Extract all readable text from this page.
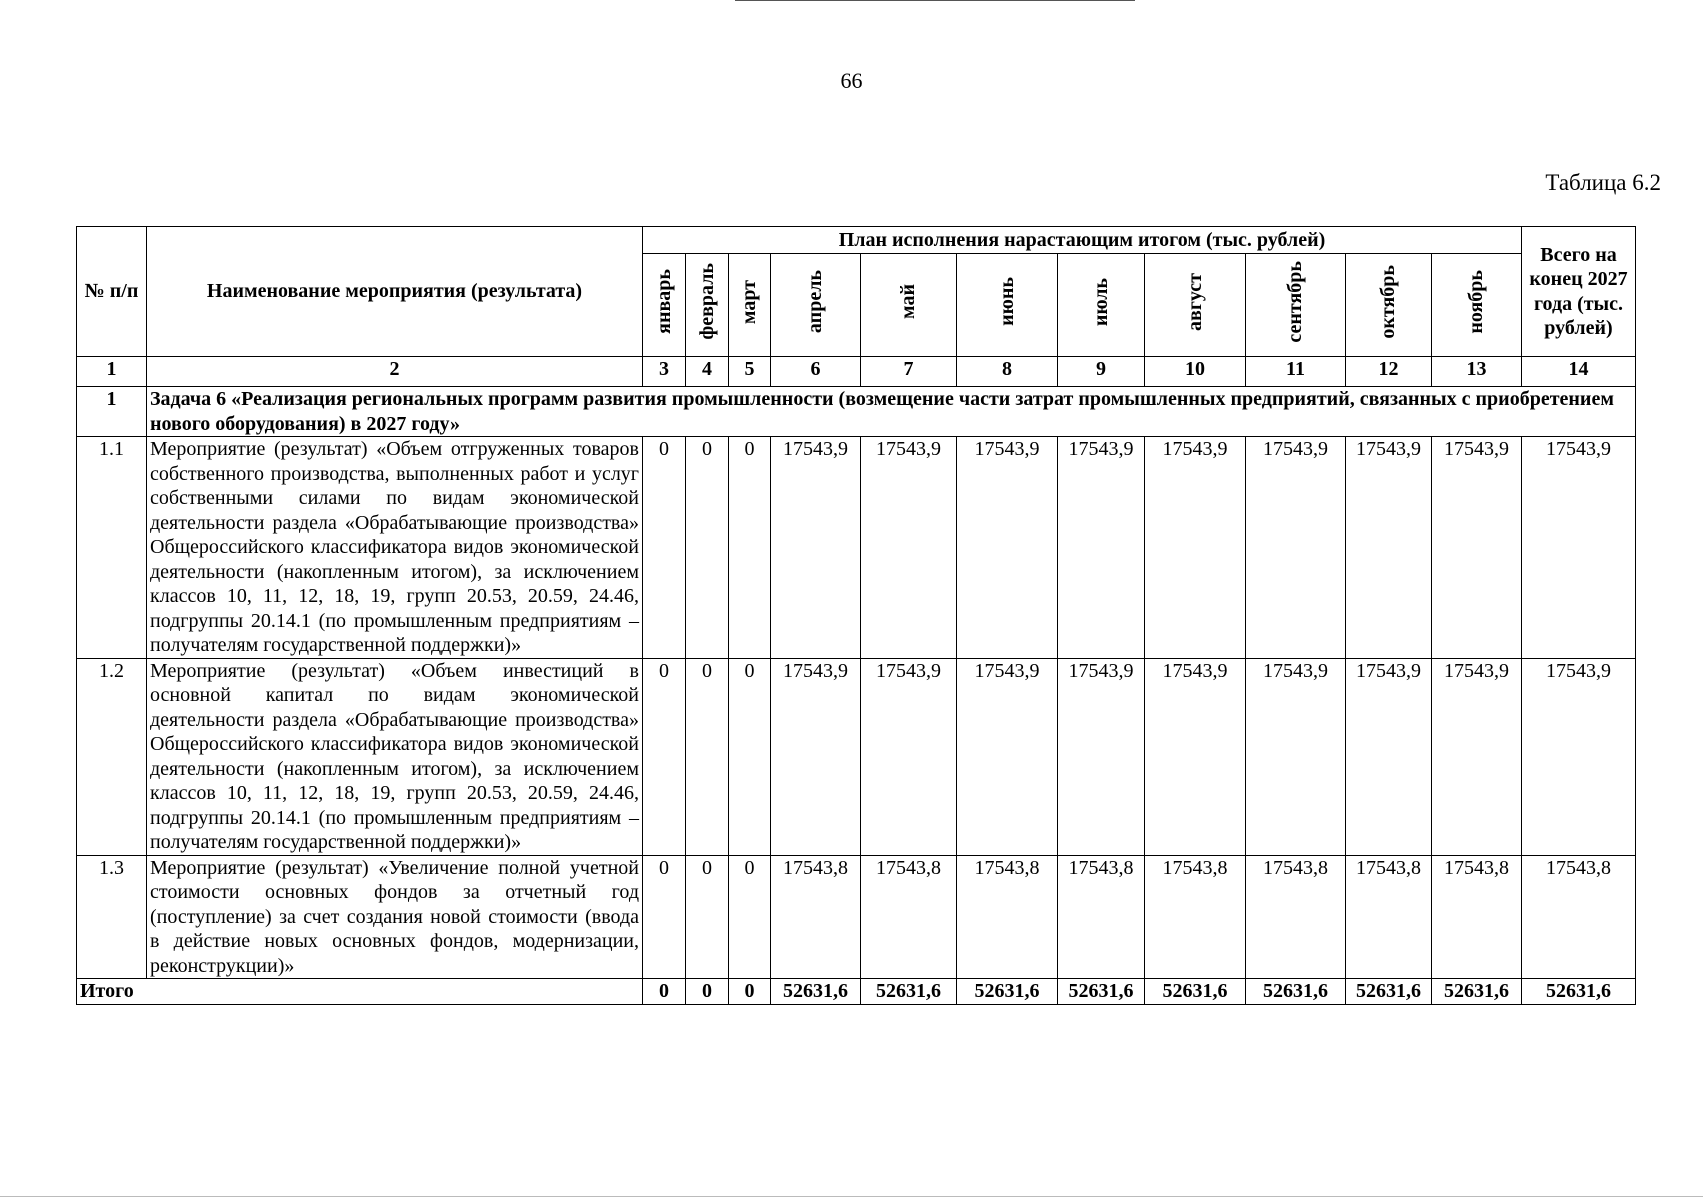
66
Таблица 6.2
№ п/п	Наименование мероприятия (результата)	План исполнения нарастающим итогом (тыс. рублей)											Всего на конец 2027 года (тыс. рублей)
		январь	февраль	март	апрель	май	июнь	июль	август	сентябрь	октябрь	ноябрь	
1	2	3	4	5	6	7	8	9	10	11	12	13	14
1	Задача 6 «Реализация региональных программ развития промышленности (возмещение части затрат промышленных предприятий, связанных с приобретением нового оборудования) в 2027 году»												
1.1	Мероприятие (результат) «Объем отгруженных товаров собственного производства, выполненных работ и услуг собственными силами по видам экономической деятельности раздела «Обрабатывающие производства» Общероссийского классификатора видов экономической деятельности (накопленным итогом), за исключением классов 10, 11, 12, 18, 19, групп 20.53, 20.59, 24.46, подгруппы 20.14.1 (по промышленным предприятиям – получателям государственной поддержки)»	0	0	0	17543,9	17543,9	17543,9	17543,9	17543,9	17543,9	17543,9	17543,9	17543,9
1.2	Мероприятие (результат) «Объем инвестиций в основной капитал по видам экономической деятельности раздела «Обрабатывающие производства» Общероссийского классификатора видов экономической деятельности (накопленным итогом), за исключением классов 10, 11, 12, 18, 19, групп 20.53, 20.59, 24.46, подгруппы 20.14.1 (по промышленным предприятиям – получателям государственной поддержки)»	0	0	0	17543,9	17543,9	17543,9	17543,9	17543,9	17543,9	17543,9	17543,9	17543,9
1.3	Мероприятие (результат) «Увеличение полной учетной стоимости основных фондов за отчетный год (поступление) за счет создания новой стоимости (ввода в действие новых основных фондов, модернизации, реконструкции)»	0	0	0	17543,8	17543,8	17543,8	17543,8	17543,8	17543,8	17543,8	17543,8	17543,8
Итого		0	0	0	52631,6	52631,6	52631,6	52631,6	52631,6	52631,6	52631,6	52631,6	52631,6
